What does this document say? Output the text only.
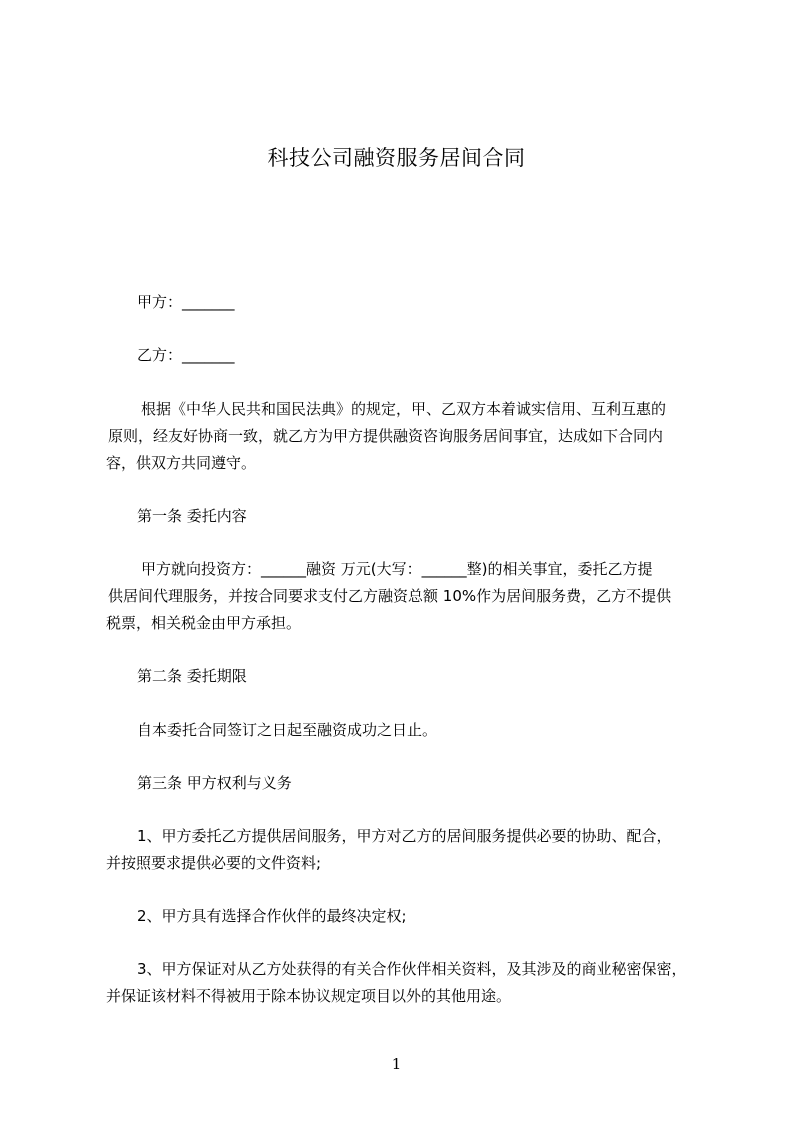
科技公司融资服务居间合同
甲方：_______
乙方：_______
根据《中华人民共和国民法典》的规定，甲、乙双方本着诚实信用、互利互惠的
原则，经友好协商一致，就乙方为甲方提供融资咨询服务居间事宜，达成如下合同内
容，供双方共同遵守。
第一条 委托内容
甲方就向投资方：______融资 万元(大写：______整)的相关事宜，委托乙方提
供居间代理服务，并按合同要求支付乙方融资总额 10%作为居间服务费，乙方不提供
税票，相关税金由甲方承担。
第二条 委托期限
自本委托合同签订之日起至融资成功之日止。
第三条 甲方权利与义务
1、甲方委托乙方提供居间服务，甲方对乙方的居间服务提供必要的协助、配合，
并按照要求提供必要的文件资料;
2、甲方具有选择合作伙伴的最终决定权;
3、甲方保证对从乙方处获得的有关合作伙伴相关资料，及其涉及的商业秘密保密，
并保证该材料不得被用于除本协议规定项目以外的其他用途。
1
